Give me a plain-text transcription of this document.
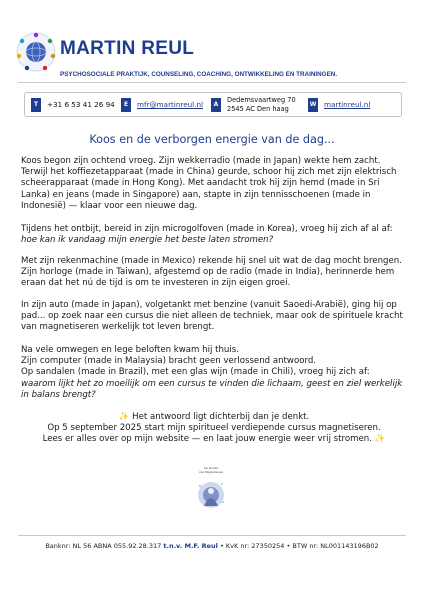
MARTIN REUL
PSYCHOSOCIALE PRAKTIJK, COUNSELING, COACHING, ONTWIKKELING EN TRAININGEN.
T	+31 6 53 41 26 94	E	mfr@martinreul.nl	A
Dedemsvaartweg 70
2545 AC Den haag	W martinreul.nl
Koos en de verborgen energie van de dag...

Koos begon zijn ochtend vroeg. Zijn wekkerradio (made in Japan) wekte hem zacht. Terwijl het koffiezetapparaat (made in China) geurde, schoor hij zich met zijn elektrisch scheerapparaat (made in Hong Kong). Met aandacht trok hij zijn hemd (made in Sri Lanka) en jeans (made in Singapore) aan, stapte in zijn tennisschoenen (made in Indonesië) — klaar voor een nieuwe dag.

Tijdens het ontbijt, bereid in zijn microgolfoven (made in Korea), vroeg hij zich af al af: hoe kan ik vandaag mijn energie het beste laten stromen?

Met zijn rekenmachine (made in Mexico) rekende hij snel uit wat de dag mocht brengen. Zijn horloge (made in Taiwan), afgestemd op de radio (made in India), herinnerde hem eraan dat het nú de tijd is om te investeren in zijn eigen groei.

In zijn auto (made in Japan), volgetankt met benzine (vanuit Saoedi-Arabië), ging hij op pad... op zoek naar een cursus die niet alleen de techniek, maar ook de spirituele kracht van magnetiseren werkelijk tot leven brengt.

Na vele omwegen en lege beloften kwam hij thuis.

Zijn computer (made in Malaysia) bracht geen verlossend antwoord.

Op sandalen (made in Brazil), met een glas wijn (made in Chili), vroeg hij zich af: waarom lijkt het zo moeilijk om een cursus te vinden die lichaam, geest en ziel werkelijk in balans brengt?

✨ Het antwoord ligt dichterbij dan je denkt.
Op 5 september 2025 start mijn spiritueel verdiepende cursus magnetiseren.
Lees er alles over op mijn website — en laat jouw energie weer vrij stromen. ✨
De Kracht
van Magnetiseren
Banknr: NL 56 ABNA 055.92.28.317 t.n.v. M.F. Reul • KvK nr: 27350254 • BTW nr: NL001143196B02
